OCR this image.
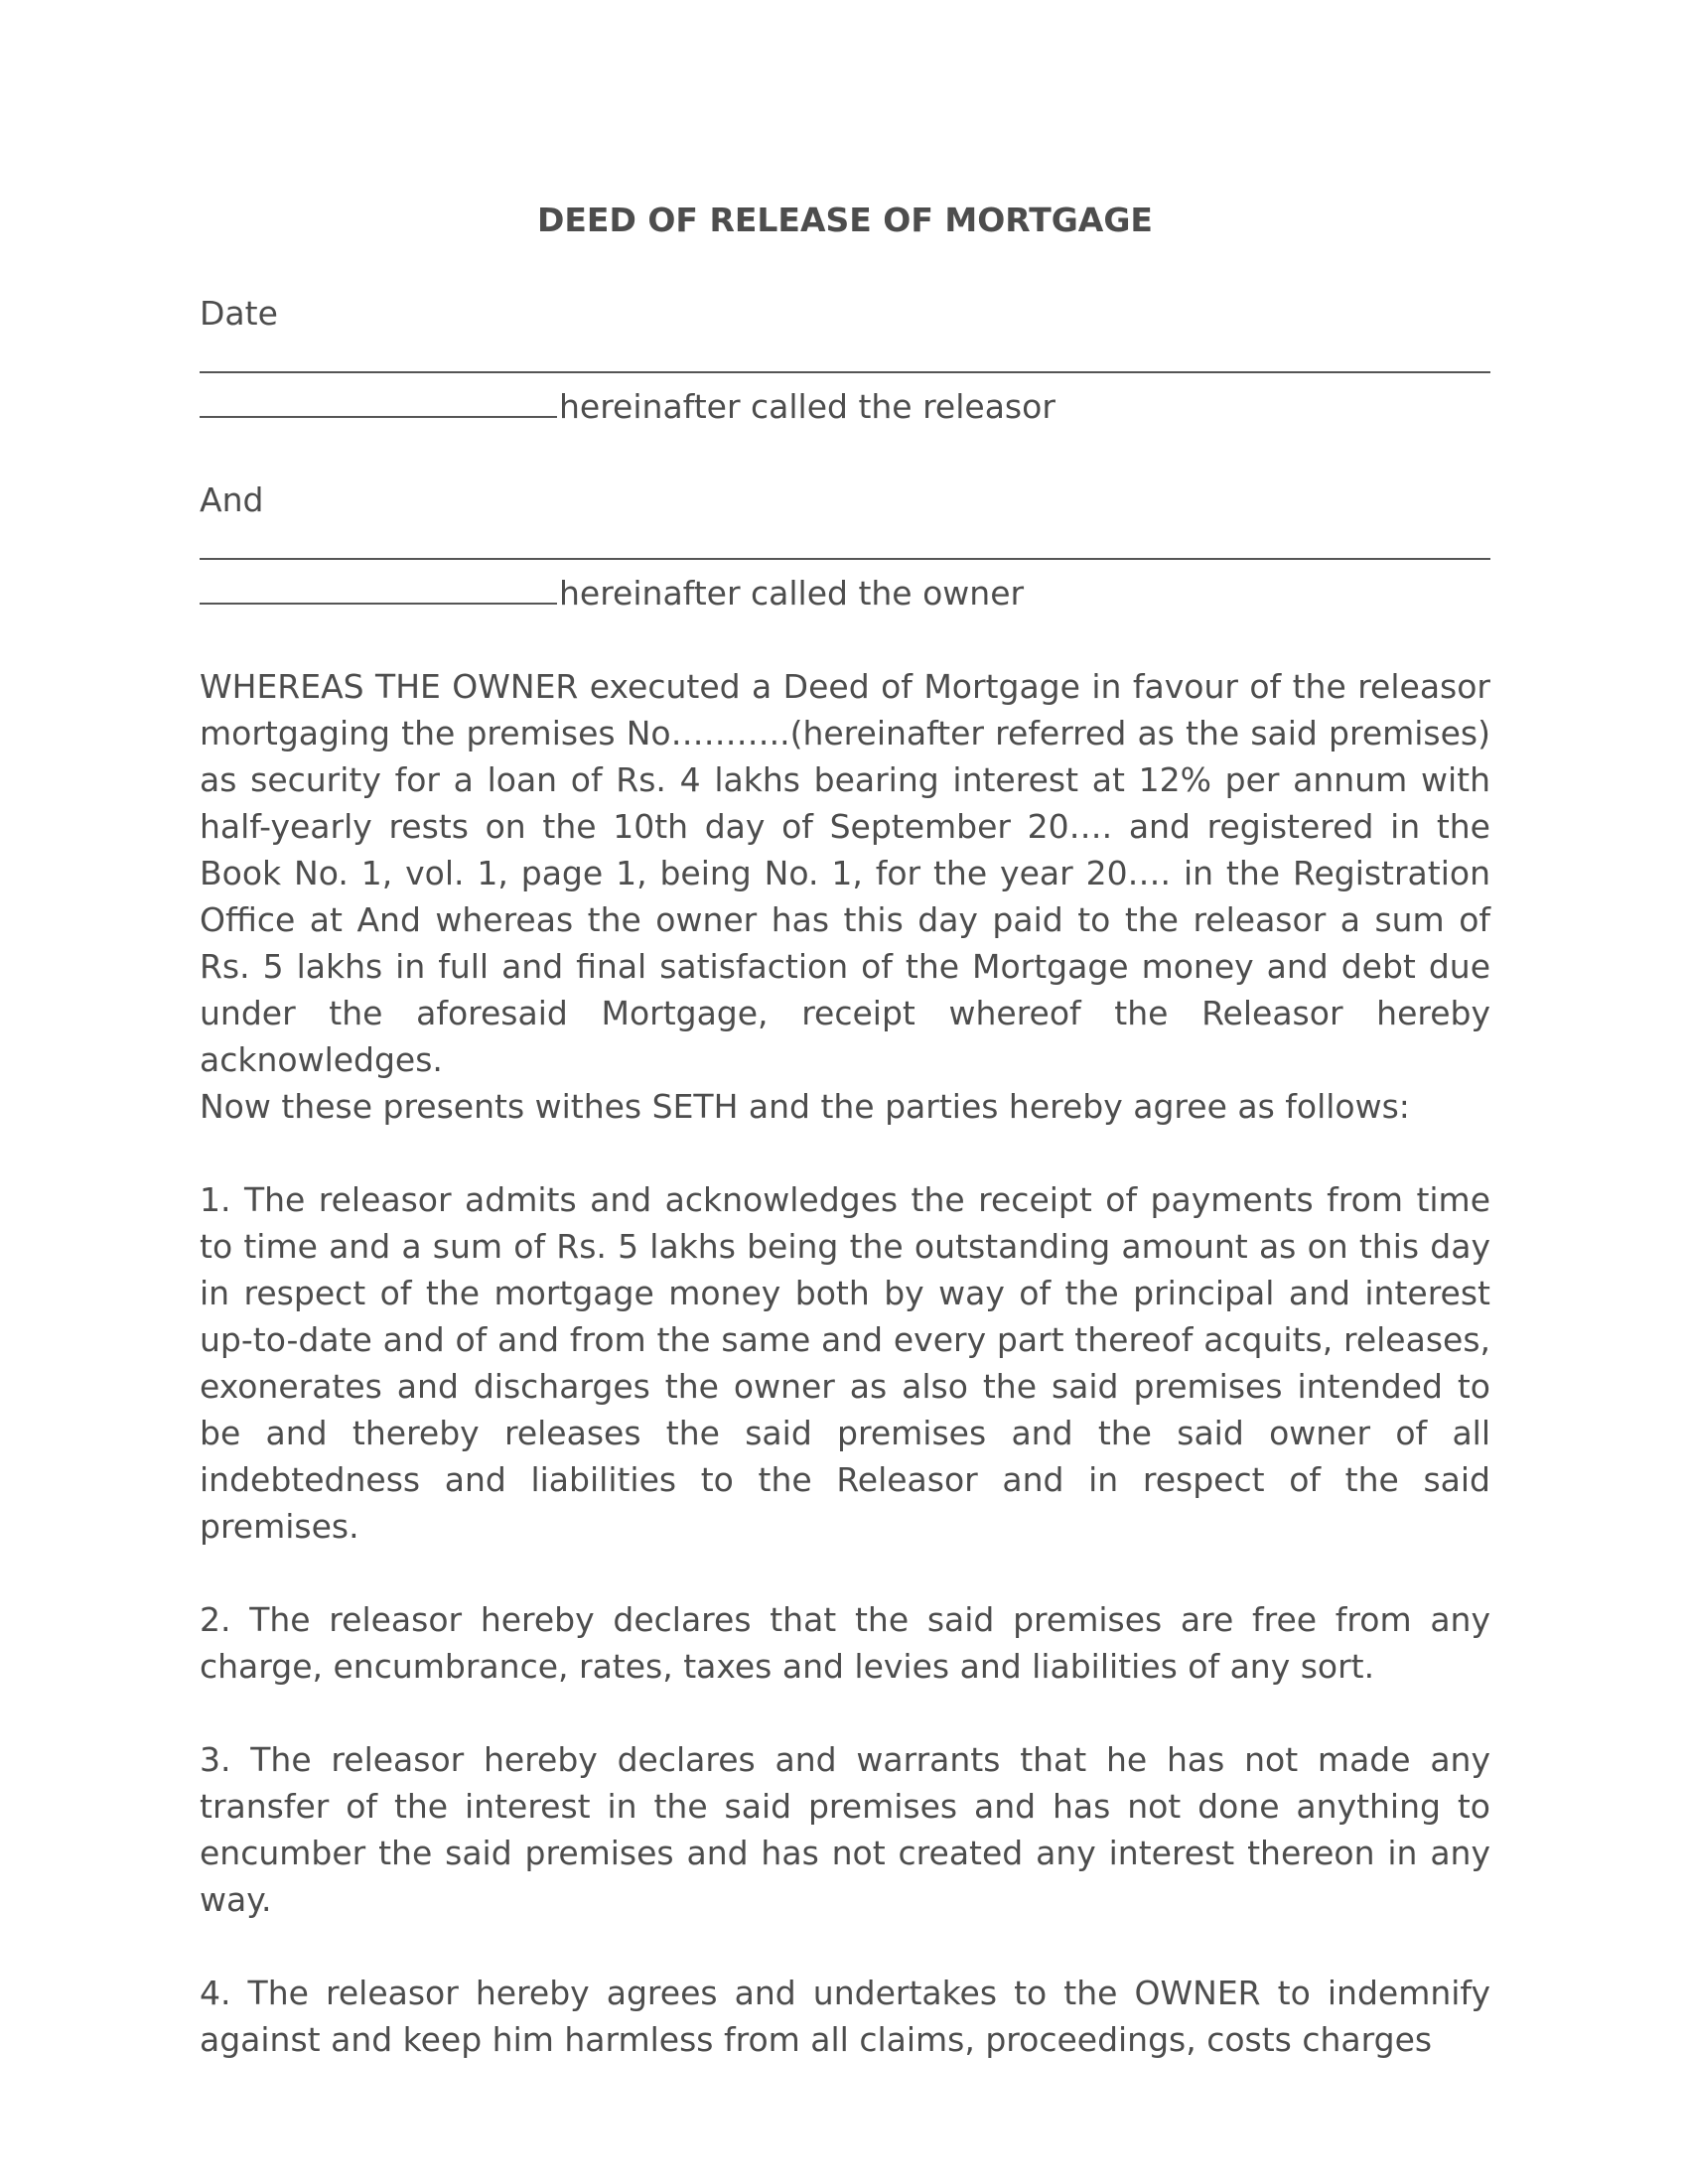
DEED OF RELEASE OF MORTGAGE
Date
hereinafter called the releasor
And
hereinafter called the owner
WHEREAS THE OWNER executed a Deed of Mortgage in favour of the releasor mortgaging the premises No………..(hereinafter referred as the said premises) as security for a loan of Rs. 4 lakhs bearing interest at 12% per annum with half-yearly rests on the 10th day of September 20…. and registered in the Book No. 1, vol. 1, page 1, being No. 1, for the year 20…. in the Registration Office at And whereas the owner has this day paid to the releasor a sum of Rs. 5 lakhs in full and final satisfaction of the Mortgage money and debt due under the aforesaid Mortgage, receipt whereof the Releasor hereby acknowledges.
Now these presents withes SETH and the parties hereby agree as follows:
1. The releasor admits and acknowledges the receipt of payments from time to time and a sum of Rs. 5 lakhs being the outstanding amount as on this day in respect of the mortgage money both by way of the principal and interest up-to-date and of and from the same and every part thereof acquits, releases, exonerates and discharges the owner as also the said premises intended to be and thereby releases the said premises and the said owner of all indebtedness and liabilities to the Releasor and in respect of the said premises.
2. The releasor hereby declares that the said premises are free from any charge, encumbrance, rates, taxes and levies and liabilities of any sort.
3. The releasor hereby declares and warrants that he has not made any transfer of the interest in the said premises and has not done anything to encumber the said premises and has not created any interest thereon in any way.
4. The releasor hereby agrees and undertakes to the OWNER to indemnify against and keep him harmless from all claims, proceedings, costs charges
